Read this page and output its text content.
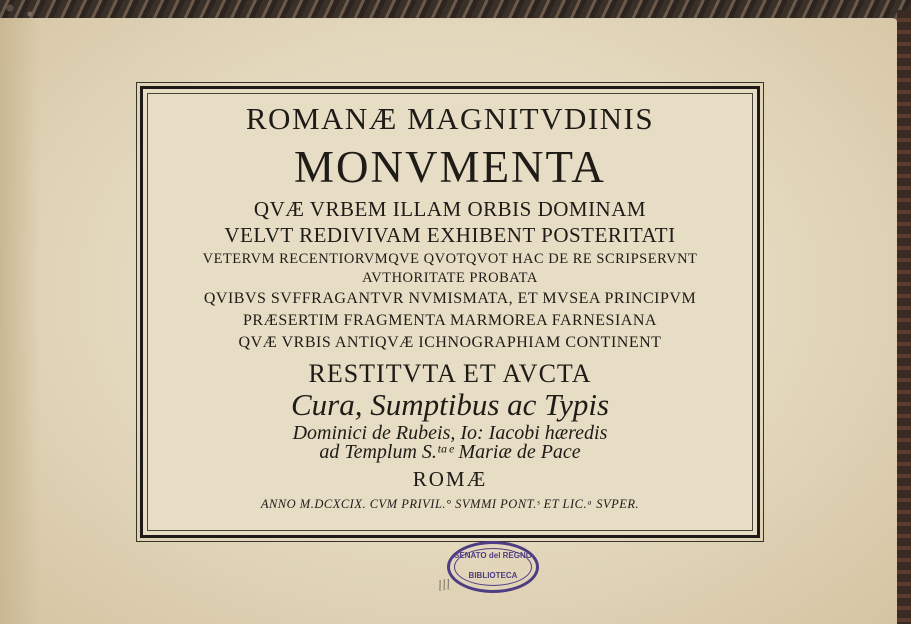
ROMANÆ MAGNITVDINIS
MONVMENTA
QVÆ VRBEM ILLAM ORBIS DOMINAM
VELVT REDIVIVAM EXHIBENT POSTERITATI
VETERVM RECENTIORVMQVE QVOTQVOT HAC DE RE SCRIPSERVNT
AVTHORITATE PROBATA
QVIBVS SVFFRAGANTVR NVMISMATA, ET MVSEA PRINCIPVM
PRÆSERTIM FRAGMENTA MARMOREA FARNESIANA
QVÆ VRBIS ANTIQVÆ ICHNOGRAPHIAM CONTINENT
RESTITVTA ET AVCTA
Cura, Sumptibus ac Typis
Dominici de Rubeis, Io: Iacobi hæredis
ad Templum S.ᵗᵃᵉ Mariæ de Pace
ROMÆ
ANNO M.DCXCIX. CVM PRIVIL.° SVMMI PONT.ˢ ET LIC.ᵃ SVPER.
SENATO del REGNO
BIBLIOTECA
lll
